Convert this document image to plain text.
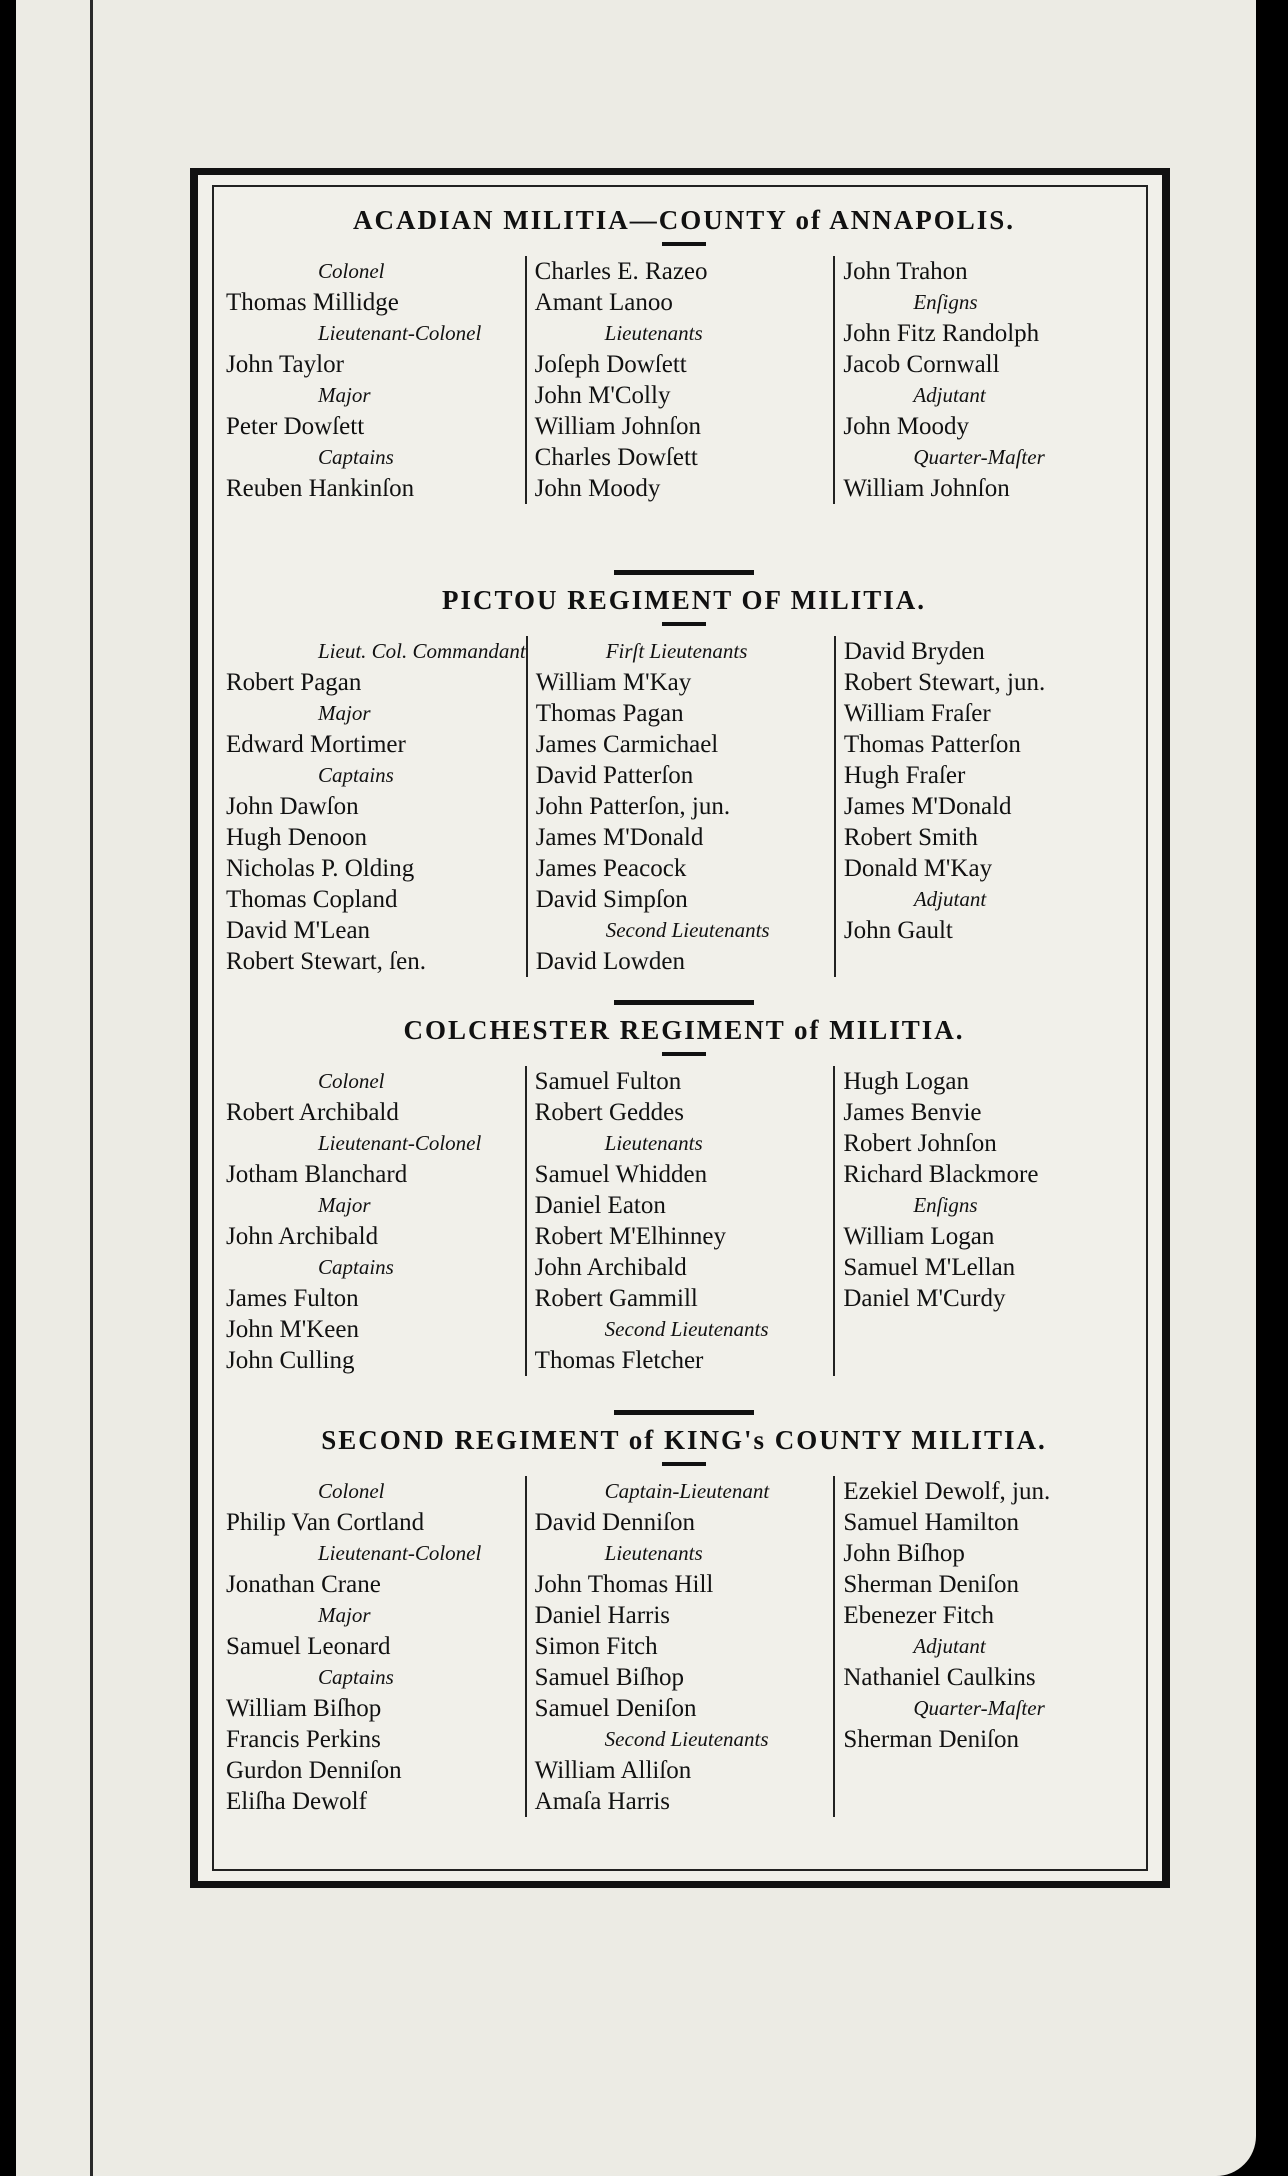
ACADIAN MILITIA—COUNTY of ANNAPOLIS.
Colonel
Thomas Millidge
Lieutenant-Colonel
John Taylor
Major
Peter Dowſett
Captains
Reuben Hankinſon
Charles E. Razeo
Amant Lanoo
Lieutenants
Joſeph Dowſett
John M'Colly
William Johnſon
Charles Dowſett
John Moody
John Trahon
Enſigns
John Fitz Randolph
Jacob Cornwall
Adjutant
John Moody
Quarter-Maſter
William Johnſon
PICTOU REGIMENT OF MILITIA.
Lieut. Col. Commandant
Robert Pagan
Major
Edward Mortimer
Captains
John Dawſon
Hugh Denoon
Nicholas P. Olding
Thomas Copland
David M'Lean
Robert Stewart, ſen.
Firſt Lieutenants
William M'Kay
Thomas Pagan
James Carmichael
David Patterſon
John Patterſon, jun.
James M'Donald
James Peacock
David Simpſon
Second Lieutenants
David Lowden
David Bryden
Robert Stewart, jun.
William Fraſer
Thomas Patterſon
Hugh Fraſer
James M'Donald
Robert Smith
Donald M'Kay
Adjutant
John Gault
COLCHESTER REGIMENT of MILITIA.
Colonel
Robert Archibald
Lieutenant-Colonel
Jotham Blanchard
Major
John Archibald
Captains
James Fulton
John M'Keen
John Culling
Samuel Fulton
Robert Geddes
Lieutenants
Samuel Whidden
Daniel Eaton
Robert M'Elhinney
John Archibald
Robert Gammill
Second Lieutenants
Thomas Fletcher
Hugh Logan
James Benvie
Robert Johnſon
Richard Blackmore
Enſigns
William Logan
Samuel M'Lellan
Daniel M'Curdy
SECOND REGIMENT of KING's COUNTY MILITIA.
Colonel
Philip Van Cortland
Lieutenant-Colonel
Jonathan Crane
Major
Samuel Leonard
Captains
William Biſhop
Francis Perkins
Gurdon Denniſon
Eliſha Dewolf
Captain-Lieutenant
David Denniſon
Lieutenants
John Thomas Hill
Daniel Harris
Simon Fitch
Samuel Biſhop
Samuel Deniſon
Second Lieutenants
William Alliſon
Amaſa Harris
Ezekiel Dewolf, jun.
Samuel Hamilton
John Biſhop
Sherman Deniſon
Ebenezer Fitch
Adjutant
Nathaniel Caulkins
Quarter-Maſter
Sherman Deniſon
